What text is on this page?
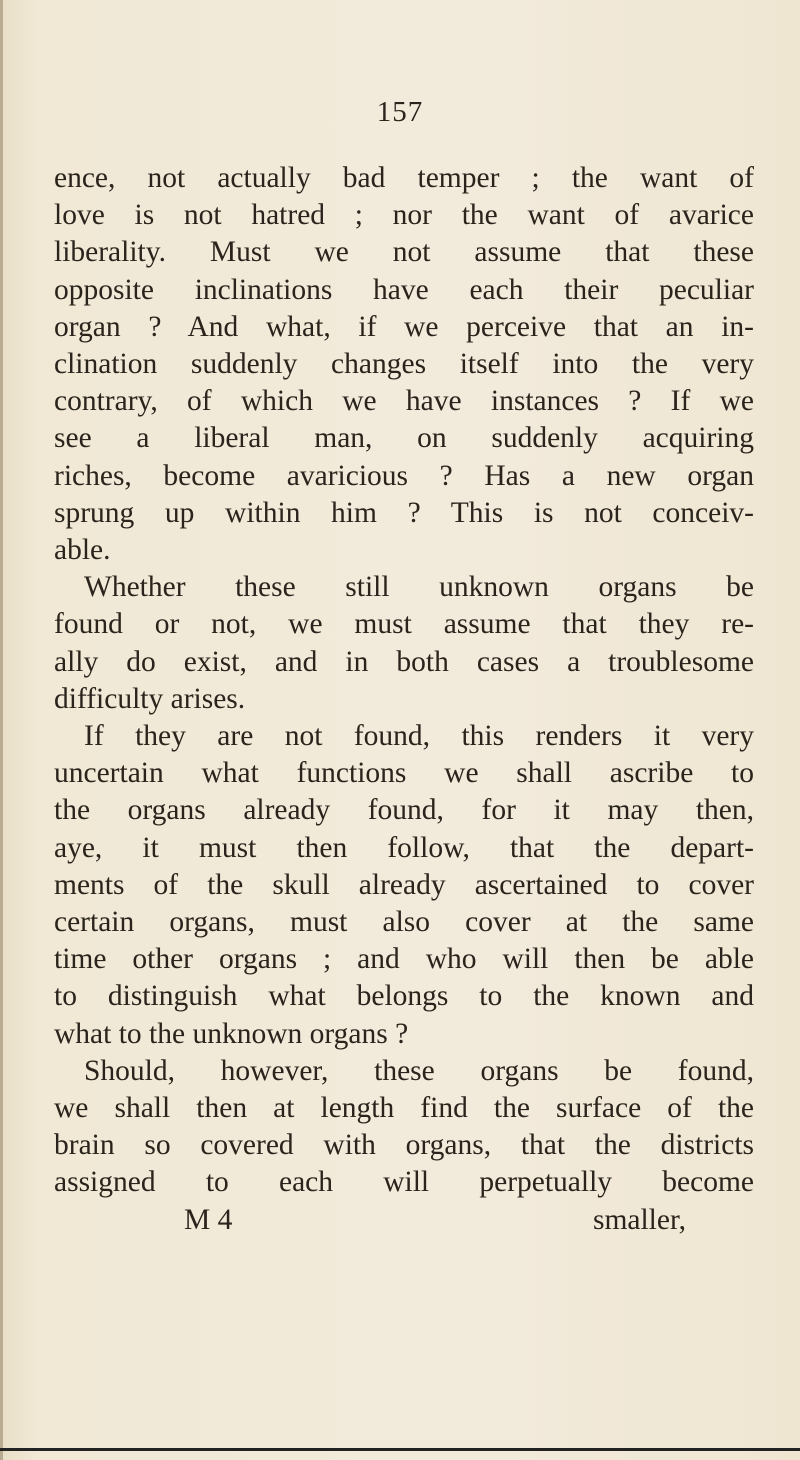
157
ence, not actually bad temper ; the want of
love is not hatred ; nor the want of avarice
liberality. Must we not assume that these
opposite inclinations have each their peculiar
organ ? And what, if we perceive that an in-
clination suddenly changes itself into the very
contrary, of which we have instances ? If we
see a liberal man, on suddenly acquiring
riches, become avaricious ? Has a new organ
sprung up within him ? This is not conceiv-
able.
Whether these still unknown organs be
found or not, we must assume that they re-
ally do exist, and in both cases a troublesome
difficulty arises.
If they are not found, this renders it very
uncertain what functions we shall ascribe to
the organs already found, for it may then,
aye, it must then follow, that the depart-
ments of the skull already ascertained to cover
certain organs, must also cover at the same
time other organs ; and who will then be able
to distinguish what belongs to the known and
what to the unknown organs ?
Should, however, these organs be found,
we shall then at length find the surface of the
brain so covered with organs, that the districts
assigned to each will perpetually become
M 4	smaller,
